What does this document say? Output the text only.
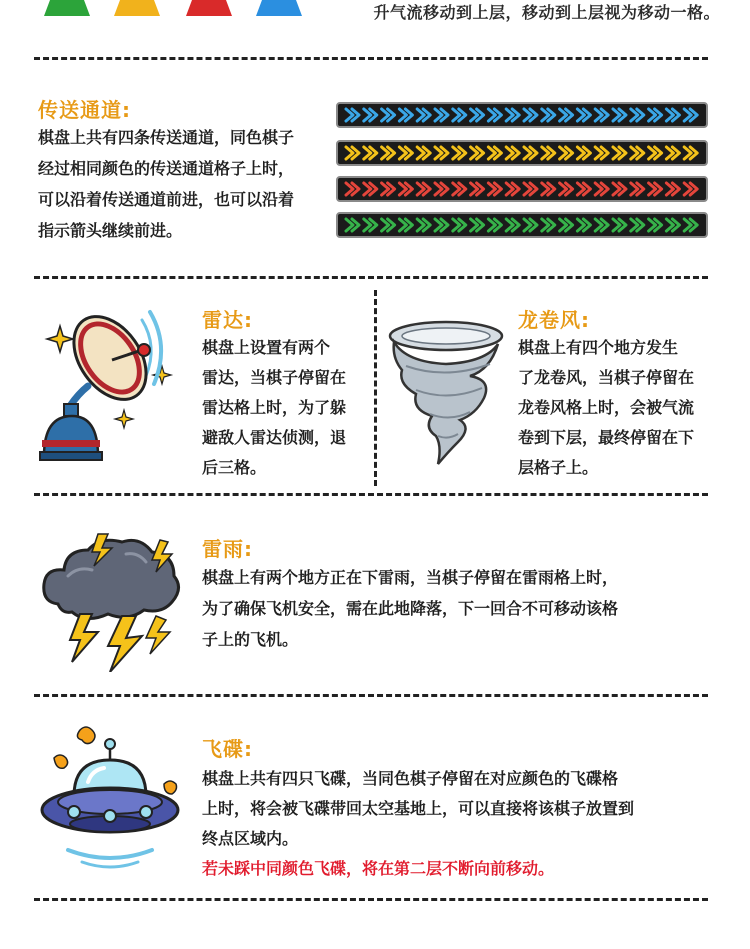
升气流移动到上层，移动到上层视为移动一格。
传送通道:
棋盘上共有四条传送通道，同色棋子
经过相同颜色的传送通道格子上时，
可以沿着传送通道前进，也可以沿着
指示箭头继续前进。
雷达:
棋盘上设置有两个
雷达，当棋子停留在
雷达格上时，为了躲
避敌人雷达侦测，退
后三格。
龙卷风:
棋盘上有四个地方发生
了龙卷风，当棋子停留在
龙卷风格上时，会被气流
卷到下层，最终停留在下
层格子上。
雷雨:
棋盘上有两个地方正在下雷雨，当棋子停留在雷雨格上时，
为了确保飞机安全，需在此地降落，下一回合不可移动该格
子上的飞机。
飞碟:
棋盘上共有四只飞碟，当同色棋子停留在对应颜色的飞碟格
上时，将会被飞碟带回太空基地上，可以直接将该棋子放置到
终点区域内。
若未踩中同颜色飞碟，将在第二层不断向前移动。
